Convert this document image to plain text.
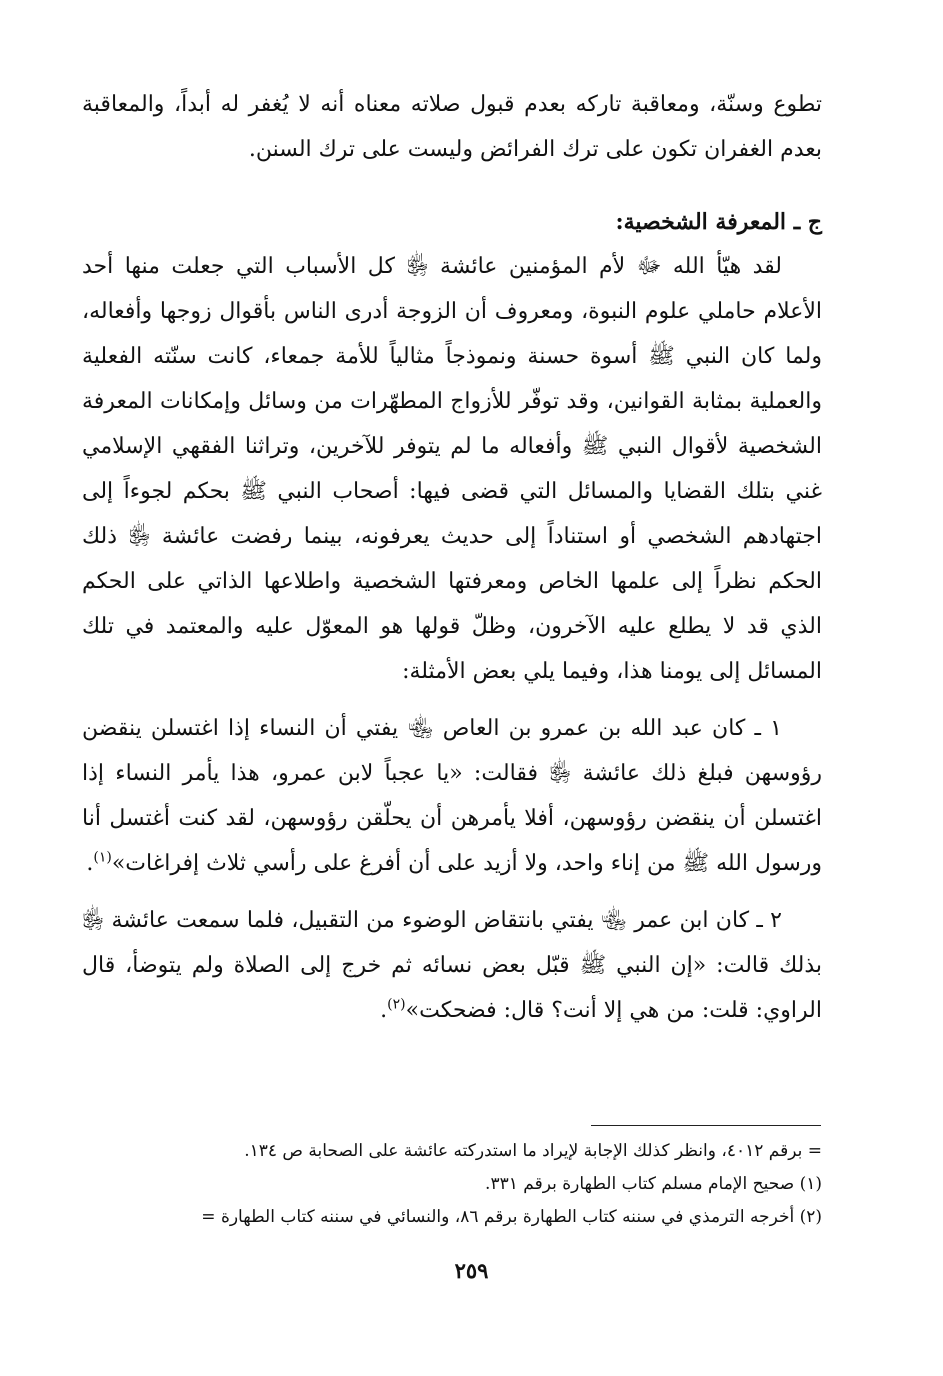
تطوع وسنّة، ومعاقبة تاركه بعدم قبول صلاته معناه أنه لا يُغفر له أبداً، والمعاقبة بعدم الغفران تكون على ترك الفرائض وليست على ترك السنن.

ج ـ المعرفة الشخصية:

لقد هيّأ الله ﷻ لأم المؤمنين عائشة ﵂ كل الأسباب التي جعلت منها أحد الأعلام حاملي علوم النبوة، ومعروف أن الزوجة أدرى الناس بأقوال زوجها وأفعاله، ولما كان النبي ﷺ أسوة حسنة ونموذجاً مثالياً للأمة جمعاء، كانت سنّته الفعلية والعملية بمثابة القوانين، وقد توفّر للأزواج المطهّرات من وسائل وإمكانات المعرفة الشخصية لأقوال النبي ﷺ وأفعاله ما لم يتوفر للآخرين، وتراثنا الفقهي الإسلامي غني بتلك القضايا والمسائل التي قضى فيها: أصحاب النبي ﷺ بحكم لجوءاً إلى اجتهادهم الشخصي أو استناداً إلى حديث يعرفونه، بينما رفضت عائشة ﵂ ذلك الحكم نظراً إلى علمها الخاص ومعرفتها الشخصية واطلاعها الذاتي على الحكم الذي قد لا يطلع عليه الآخرون، وظلّ قولها هو المعوّل عليه والمعتمد في تلك المسائل إلى يومنا هذا، وفيما يلي بعض الأمثلة:

١ ـ كان عبد الله بن عمرو بن العاص ﵄ يفتي أن النساء إذا اغتسلن ينقضن رؤوسهن فبلغ ذلك عائشة ﵂ فقالت: «يا عجباً لابن عمرو، هذا يأمر النساء إذا اغتسلن أن ينقضن رؤوسهن، أفلا يأمرهن أن يحلّقن رؤوسهن، لقد كنت أغتسل أنا ورسول الله ﷺ من إناء واحد، ولا أزيد على أن أفرغ على رأسي ثلاث إفراغات»$^{(١)}$.

٢ ـ كان ابن عمر ﵄ يفتي بانتقاض الوضوء من التقبيل، فلما سمعت عائشة ﵂ بذلك قالت: «إن النبي ﷺ قبّل بعض نسائه ثم خرج إلى الصلاة ولم يتوضأ، قال الراوي: قلت: من هي إلا أنت؟ قال: فضحكت»$^{(٢)}$.

= برقم ٤٠١٢، وانظر كذلك الإجابة لإيراد ما استدركته عائشة على الصحابة ص ١٣٤.

(١) صحيح الإمام مسلم كتاب الطهارة برقم ٣٣١.

(٢) أخرجه الترمذي في سننه كتاب الطهارة برقم ٨٦، والنسائي في سننه كتاب الطهارة =

٢٥٩
